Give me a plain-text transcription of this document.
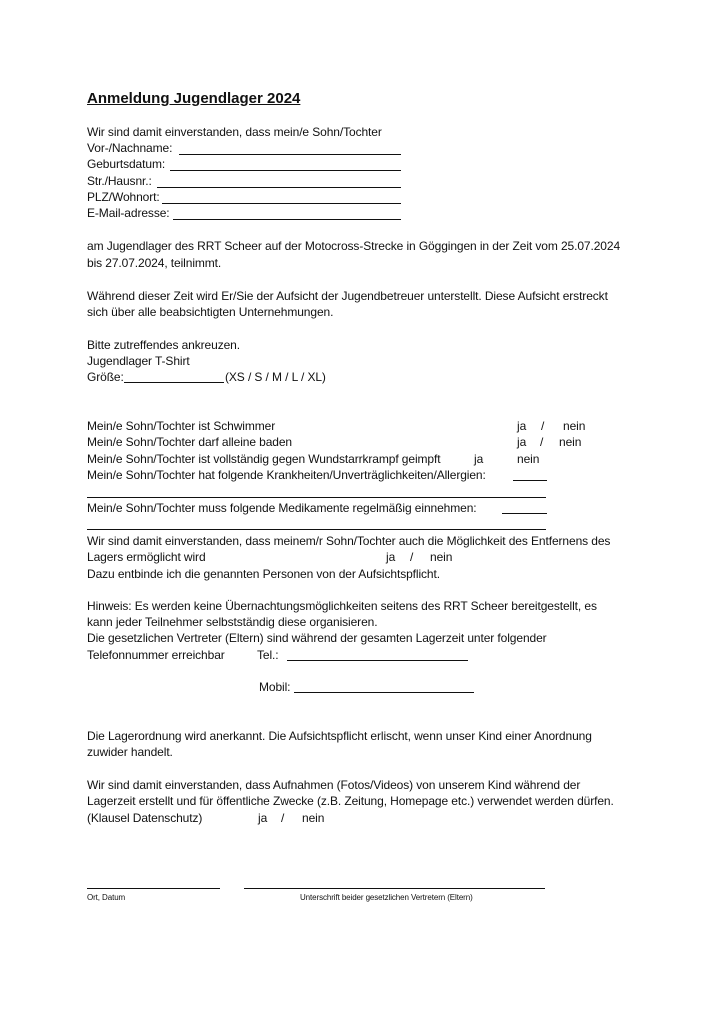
Anmeldung Jugendlager 2024
Wir sind damit einverstanden, dass mein/e Sohn/Tochter
Vor-/Nachname:
Geburtsdatum:
Str./Hausnr.:
PLZ/Wohnort:
E-Mail-adresse:
am Jugendlager des RRT Scheer auf der Motocross-Strecke in Göggingen in der Zeit vom 25.07.2024
bis 27.07.2024, teilnimmt.
Während dieser Zeit wird Er/Sie der Aufsicht der Jugendbetreuer unterstellt. Diese Aufsicht erstreckt
sich über alle beabsichtigten Unternehmungen.
Bitte zutreffendes ankreuzen.
Jugendlager T-Shirt
Größe:	(XS / S / M / L / XL)
Mein/e Sohn/Tochter ist Schwimmer	ja / nein
Mein/e Sohn/Tochter darf alleine baden	ja / nein
Mein/e Sohn/Tochter ist vollständig gegen Wundstarrkrampf geimpft	ja	nein
Mein/e Sohn/Tochter hat folgende Krankheiten/Unverträglichkeiten/Allergien:
Mein/e Sohn/Tochter muss folgende Medikamente regelmäßig einnehmen:
Wir sind damit einverstanden, dass meinem/r Sohn/Tochter auch die Möglichkeit des Entfernens des
Lagers ermöglicht wird	ja / nein
Dazu entbinde ich die genannten Personen von der Aufsichtspflicht.
Hinweis: Es werden keine Übernachtungsmöglichkeiten seitens des RRT Scheer bereitgestellt, es
kann jeder Teilnehmer selbstständig diese organisieren.
Die gesetzlichen Vertreter (Eltern) sind während der gesamten Lagerzeit unter folgender
Telefonnummer erreichbar	Tel.:
Mobil:
Die Lagerordnung wird anerkannt. Die Aufsichtspflicht erlischt, wenn unser Kind einer Anordnung
zuwider handelt.
Wir sind damit einverstanden, dass Aufnahmen (Fotos/Videos) von unserem Kind während der
Lagerzeit erstellt und für öffentliche Zwecke (z.B. Zeitung, Homepage etc.) verwendet werden dürfen.
(Klausel Datenschutz)	ja / nein
Ort, Datum	Unterschrift beider gesetzlichen Vertretern (Eltern)
